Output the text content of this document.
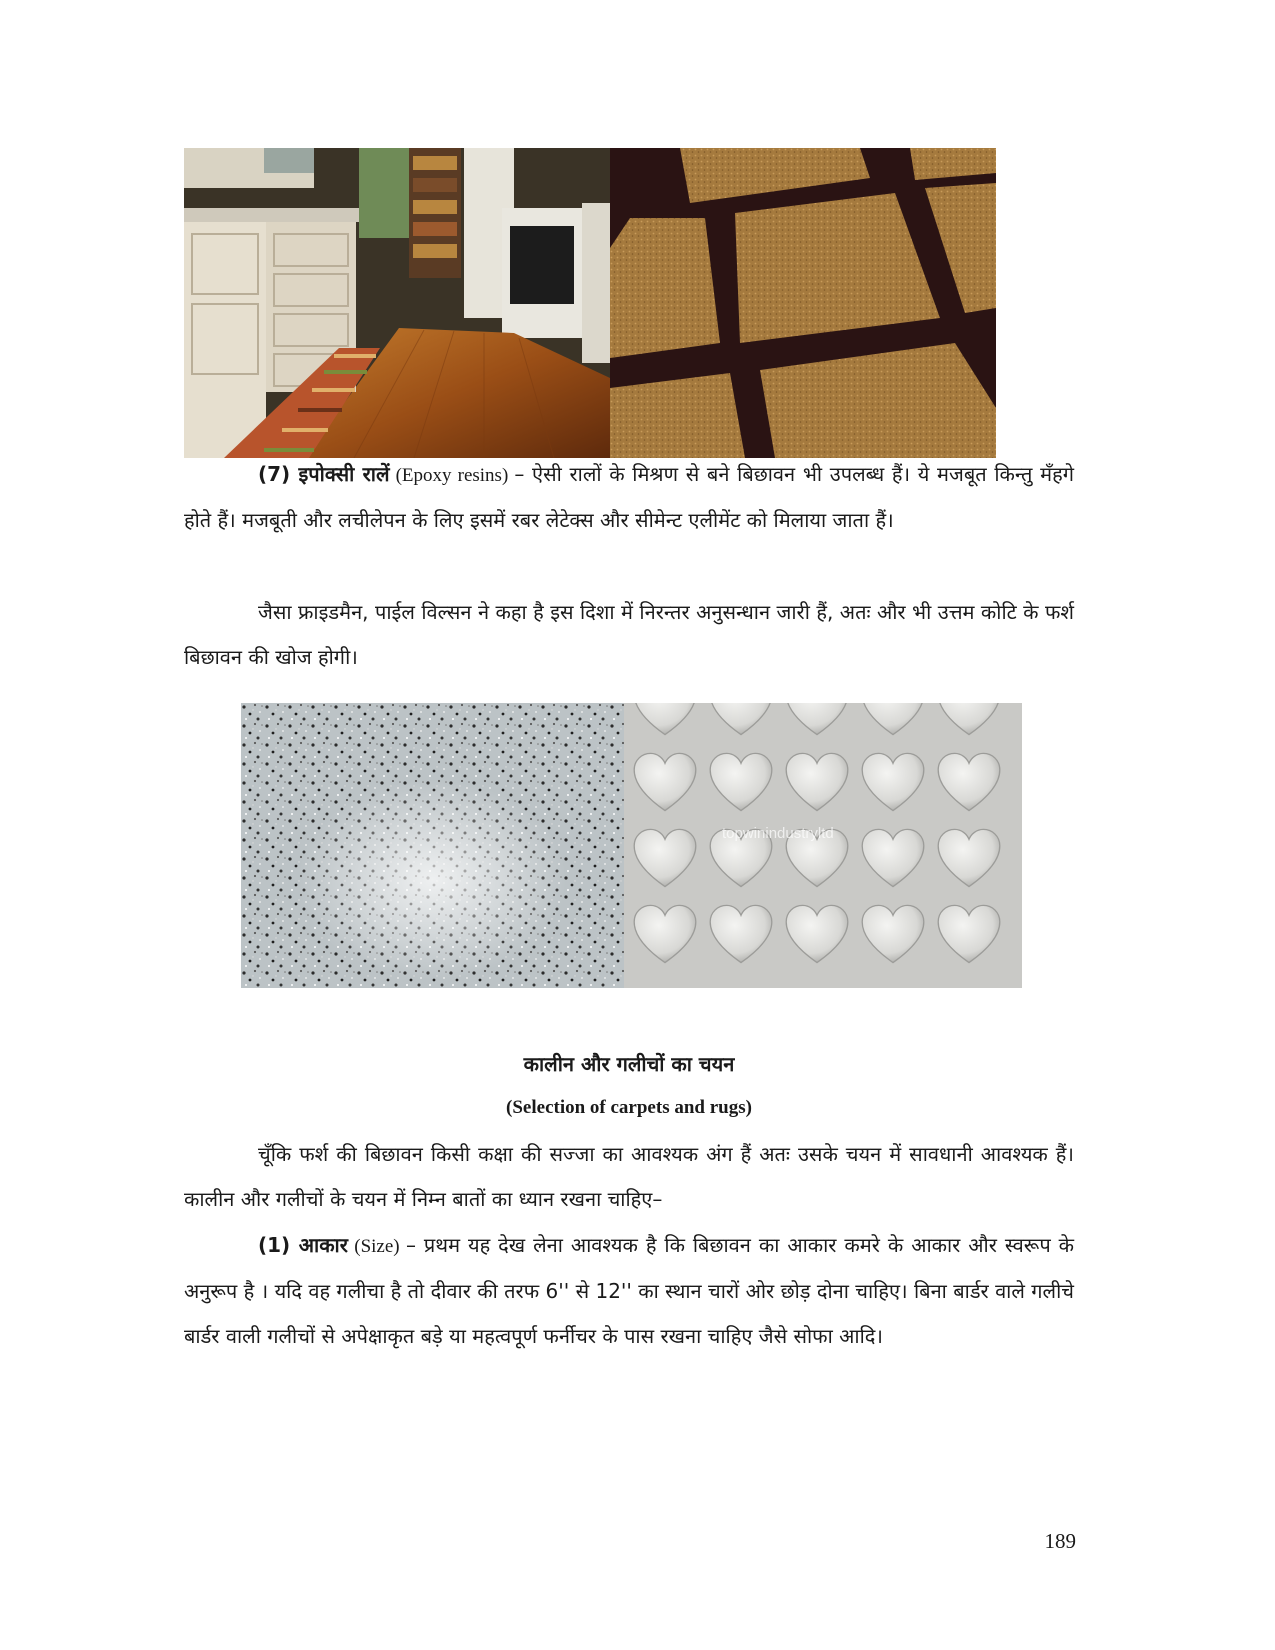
(7) इपोक्सी रालें (Epoxy resins) – ऐसी रालों के मिश्रण से बने बिछावन भी उपलब्ध हैं। ये मजबूत किन्तु मँहगे होते हैं। मजबूती और लचीलेपन के लिए इसमें रबर लेटेक्स और सीमेन्ट एलीमेंट को मिलाया जाता हैं।

जैसा फ्राइडमैन, पाईल विल्सन ने कहा है इस दिशा में निरन्तर अनुसन्धान जारी हैं, अतः और भी उत्तम कोटि के फर्श बिछावन की खोज होगी।

topwinindustryltd
कालीन और गलीचों का चयन
(Selection of carpets and rugs)

चूँकि फर्श की बिछावन किसी कक्षा की सज्जा का आवश्यक अंग हैं अतः उसके चयन में सावधानी आवश्यक हैं। कालीन और गलीचों के चयन में निम्न बातों का ध्यान रखना चाहिए–

(1) आकार (Size) – प्रथम यह देख लेना आवश्यक है कि बिछावन का आकार कमरे के आकार और स्वरूप के अनुरूप है । यदि वह गलीचा है तो दीवार की तरफ 6'' से 12'' का स्थान चारों ओर छोड़ दोना चाहिए। बिना बार्डर वाले गलीचे बार्डर वाली गलीचों से अपेक्षाकृत बड़े या महत्वपूर्ण फर्नीचर के पास रखना चाहिए जैसे सोफा आदि।

189
